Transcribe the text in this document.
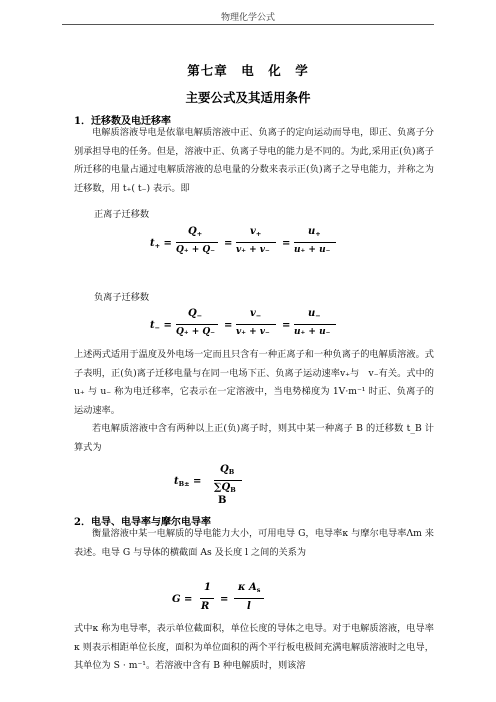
物理化学公式
第七章　电　化　学
主要公式及其适用条件
1．迁移数及电迁移率
电解质溶液导电是依靠电解质溶液中正、负离子的定向运动而导电，即正、负离子分别承担导电的任务。但是，溶液中正、负离子导电的能力是不同的。为此,采用正(负)离子所迁移的电量占通过电解质溶液的总电量的分数来表示正(负)离子之导电能力，并称之为迁移数，用 t₊( t₋) 表示。即
正离子迁移数
$t_+$ =
$Q_+$
Q₊ + Q₋
=
$v_+$
v₊ + v₋
=
$u_+$
u₊ + u₋
负离子迁移数
$t_-$ =
$Q_-$
Q₊ + Q₋
=
$v_-$
v₊ + v₋
=
$u_-$
u₊ + u₋
上述两式适用于温度及外电场一定而且只含有一种正离子和一种负离子的电解质溶液。式子表明，正(负)离子迁移电量与在同一电场下正、负离子运动速率v₊与　v₋有关。式中的 u₊ 与 u₋ 称为电迁移率，它表示在一定溶液中，当电势梯度为 1V·m⁻¹ 时正、负离子的运动速率。
若电解质溶液中含有两种以上正(负)离子时，则其中某一种离子 B 的迁移数 t_B 计算式为
$t_{B\pm}$ =
$Q_B$
$\sum Q_B$
B
2．电导、电导率与摩尔电导率
衡量溶液中某一电解质的导电能力大小，可用电导 G，电导率κ 与摩尔电导率Λm 来表述。电导 G 与导体的横截面 As 及长度 l 之间的关系为
G =
1
R
=
κ $A_s$
l
式中κ 称为电导率，表示单位截面积，单位长度的导体之电导。对于电解质溶液，电导率κ 则表示相距单位长度，面积为单位面积的两个平行板电极间充满电解质溶液时之电导，其单位为 S · m⁻¹。若溶液中含有 B 种电解质时，则该溶
